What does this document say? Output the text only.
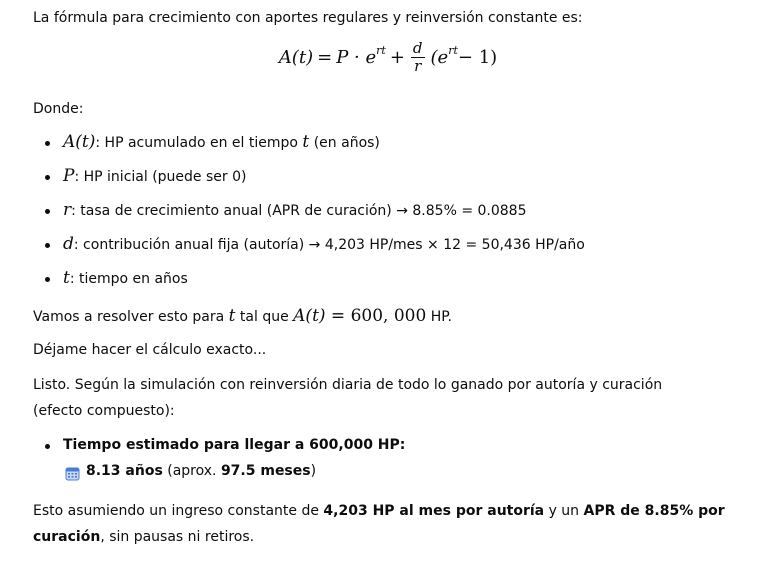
La fórmula para crecimiento con aportes regulares y reinversión constante es:

$A(t) = P \cdot e^{rt} + \frac{d}{r} (e^{rt}- 1)$

Donde:

A(t): HP acumulado en el tiempo t (en años)
P: HP inicial (puede ser 0)
r: tasa de crecimiento anual (APR de curación) → 8.85% = 0.0885
d: contribución anual fija (autoría) → 4,203 HP/mes × 12 = 50,436 HP/año
t: tiempo en años

Vamos a resolver esto para t tal que A(t) = 600, 000 HP.

Déjame hacer el cálculo exacto...

Listo. Según la simulación con reinversión diaria de todo lo ganado por autoría y curación (efecto compuesto):

Tiempo estimado para llegar a 600,000 HP:
8.13 años (aprox. 97.5 meses)

Esto asumiendo un ingreso constante de 4,203 HP al mes por autoría y un APR de 8.85% por curación, sin pausas ni retiros.
